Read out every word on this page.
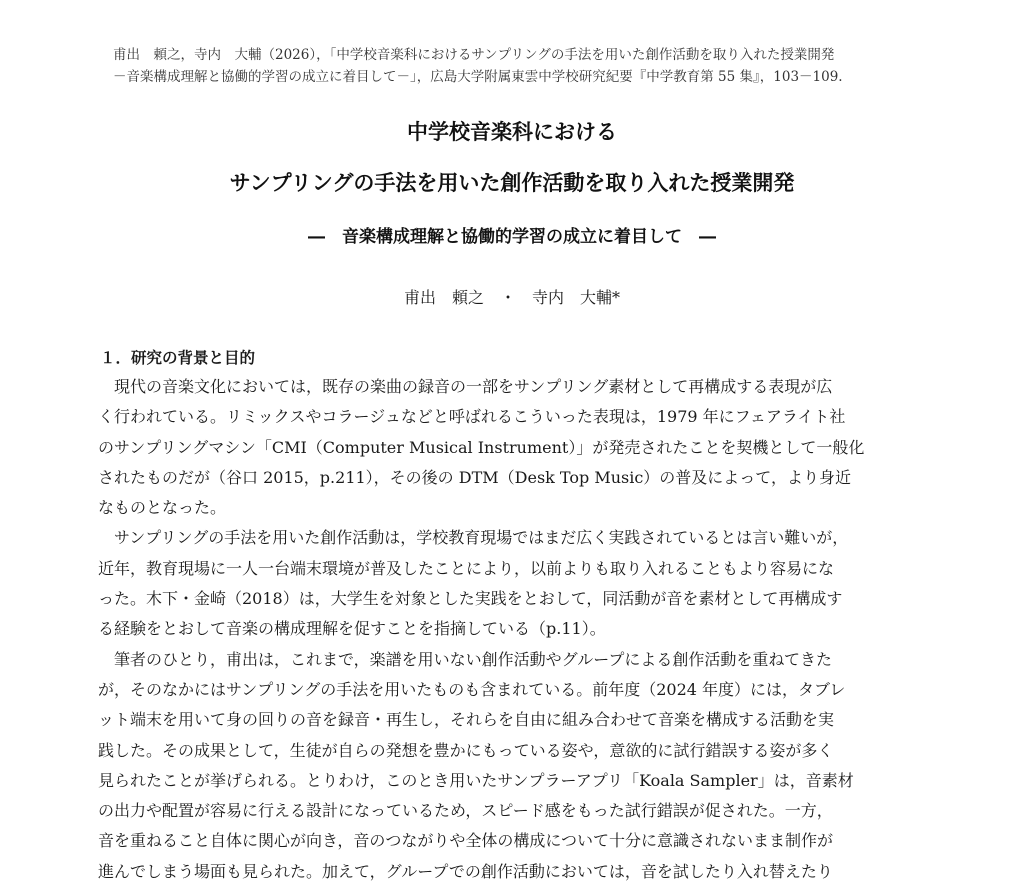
甫出　頼之，寺内　大輔（2026），「中学校音楽科におけるサンプリングの手法を用いた創作活動を取り入れた授業開発
－音楽構成理解と協働的学習の成立に着目して－」，広島大学附属東雲中学校研究紀要『中学教育第 55 集』，103－109.
中学校音楽科における
サンプリングの手法を用いた創作活動を取り入れた授業開発
―　音楽構成理解と協働的学習の成立に着目して　―
甫出　頼之　・　寺内　大輔*
１．研究の背景と目的
現代の音楽文化においては，既存の楽曲の録音の一部をサンプリング素材として再構成する表現が広
く行われている。リミックスやコラージュなどと呼ばれるこういった表現は，1979 年にフェアライト社
のサンプリングマシン「CMI（Computer Musical Instrument）」が発売されたことを契機として一般化
されたものだが（谷口 2015，p.211），その後の DTM（Desk Top Music）の普及によって，より身近
なものとなった。
サンプリングの手法を用いた創作活動は，学校教育現場ではまだ広く実践されているとは言い難いが，
近年，教育現場に一人一台端末環境が普及したことにより，以前よりも取り入れることもより容易にな
った。木下・金崎（2018）は，大学生を対象とした実践をとおして，同活動が音を素材として再構成す
る経験をとおして音楽の構成理解を促すことを指摘している（p.11）。
筆者のひとり，甫出は，これまで，楽譜を用いない創作活動やグループによる創作活動を重ねてきた
が，そのなかにはサンプリングの手法を用いたものも含まれている。前年度（2024 年度）には，タブレ
ット端末を用いて身の回りの音を録音・再生し，それらを自由に組み合わせて音楽を構成する活動を実
践した。その成果として，生徒が自らの発想を豊かにもっている姿や，意欲的に試行錯誤する姿が多く
見られたことが挙げられる。とりわけ，このとき用いたサンプラーアプリ「Koala Sampler」は，音素材
の出力や配置が容易に行える設計になっているため，スピード感をもった試行錯誤が促された。一方，
音を重ねること自体に関心が向き，音のつながりや全体の構成について十分に意識されないまま制作が
進んでしまう場面も見られた。加えて，グループでの創作活動においては，音を試したり入れ替えたり
